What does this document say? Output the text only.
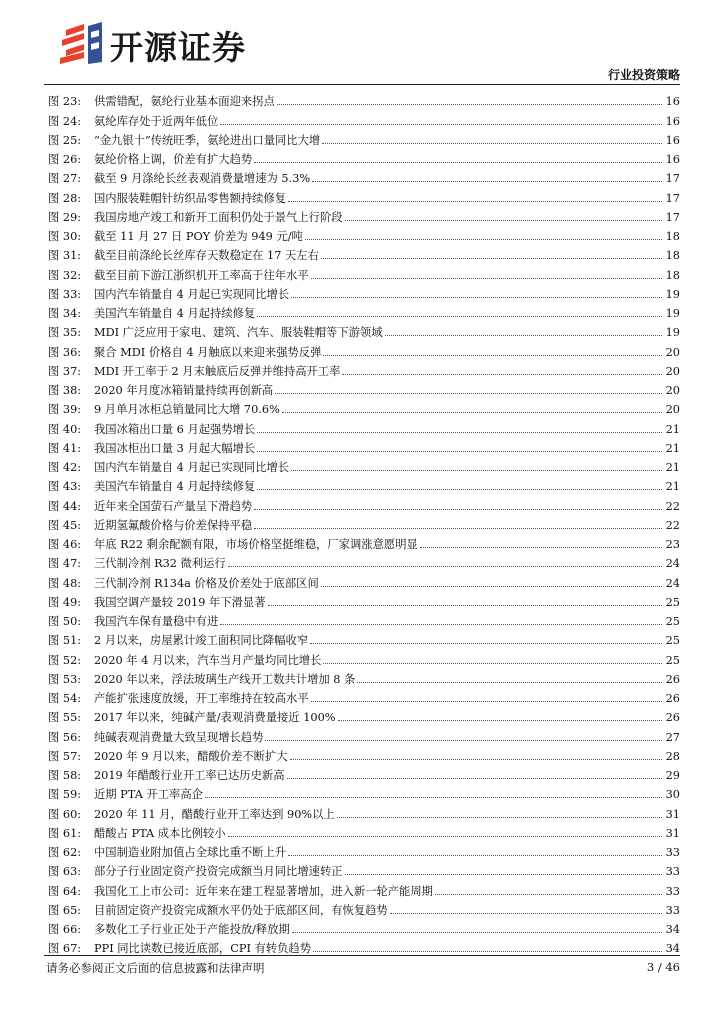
开源证券
行业投资策略
图 23:	供需错配，氨纶行业基本面迎来拐点	16
图 24:	氨纶库存处于近两年低位	16
图 25:	“金九银十”传统旺季，氨纶进出口量同比大增	16
图 26:	氨纶价格上调，价差有扩大趋势	16
图 27:	截至 9 月涤纶长丝表观消费量增速为 5.3%	17
图 28:	国内服装鞋帽针纺织品零售额持续修复	17
图 29:	我国房地产竣工和新开工面积仍处于景气上行阶段	17
图 30:	截至 11 月 27 日 POY 价差为 949 元/吨	18
图 31:	截至目前涤纶长丝库存天数稳定在 17 天左右	18
图 32:	截至目前下游江浙织机开工率高于往年水平	18
图 33:	国内汽车销量自 4 月起已实现同比增长	19
图 34:	美国汽车销量自 4 月起持续修复	19
图 35:	MDI 广泛应用于家电、建筑、汽车、服装鞋帽等下游领域	19
图 36:	聚合 MDI 价格自 4 月触底以来迎来强势反弹	20
图 37:	MDI 开工率于 2 月末触底后反弹并维持高开工率	20
图 38:	2020 年月度冰箱销量持续再创新高	20
图 39:	9 月单月冰柜总销量同比大增 70.6%	20
图 40:	我国冰箱出口量 6 月起强势增长	21
图 41:	我国冰柜出口量 3 月起大幅增长	21
图 42:	国内汽车销量自 4 月起已实现同比增长	21
图 43:	美国汽车销量自 4 月起持续修复	21
图 44:	近年来全国萤石产量呈下滑趋势	22
图 45:	近期氢氟酸价格与价差保持平稳	22
图 46:	年底 R22 剩余配额有限，市场价格坚挺维稳，厂家调涨意愿明显	23
图 47:	三代制冷剂 R32 微利运行	24
图 48:	三代制冷剂 R134a 价格及价差处于底部区间	24
图 49:	我国空调产量较 2019 年下滑显著	25
图 50:	我国汽车保有量稳中有进	25
图 51:	2 月以来，房屋累计竣工面积同比降幅收窄	25
图 52:	2020 年 4 月以来，汽车当月产量均同比增长	25
图 53:	2020 年以来，浮法玻璃生产线开工数共计增加 8 条	26
图 54:	产能扩张速度放缓，开工率维持在较高水平	26
图 55:	2017 年以来，纯碱产量/表观消费量接近 100%	26
图 56:	纯碱表观消费量大致呈现增长趋势	27
图 57:	2020 年 9 月以来，醋酸价差不断扩大	28
图 58:	2019 年醋酸行业开工率已达历史新高	29
图 59:	近期 PTA 开工率高企	30
图 60:	2020 年 11 月，醋酸行业开工率达到 90%以上	31
图 61:	醋酸占 PTA 成本比例较小	31
图 62:	中国制造业附加值占全球比重不断上升	33
图 63:	部分子行业固定资产投资完成额当月同比增速转正	33
图 64:	我国化工上市公司：近年来在建工程显著增加，进入新一轮产能周期	33
图 65:	目前固定资产投资完成额水平仍处于底部区间，有恢复趋势	33
图 66:	多数化工子行业正处于产能投放/释放期	34
图 67:	PPI 同比读数已接近底部，CPI 有转负趋势	34
请务必参阅正文后面的信息披露和法律声明	3 / 46
